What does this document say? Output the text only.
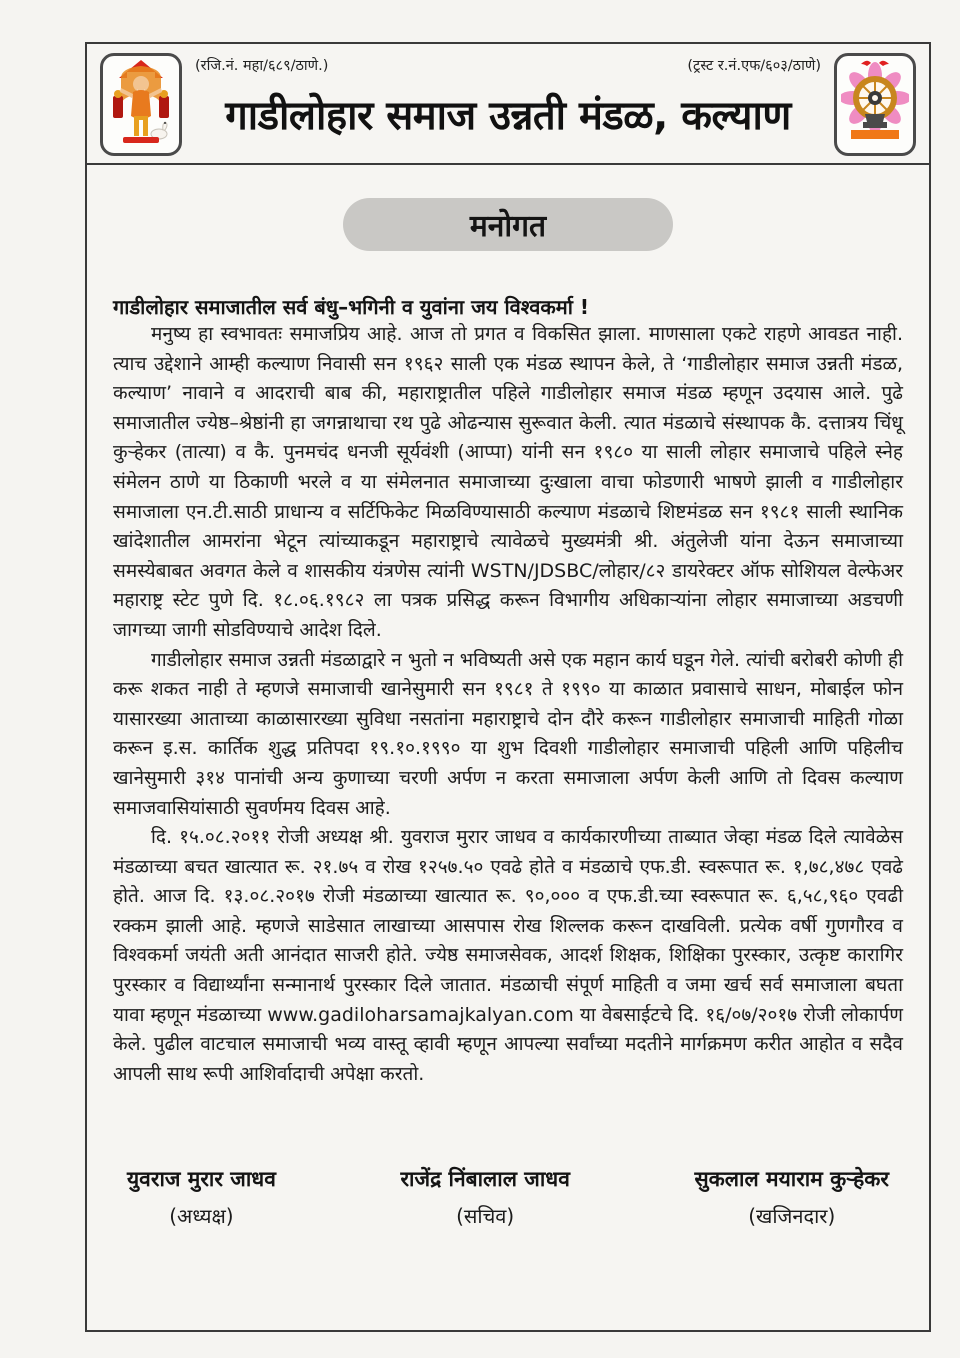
(रजि.नं. महा/६८९/ठाणे.)	(ट्रस्ट र.नं.एफ/६०३/ठाणे)
गाडीलोहार समाज उन्नती मंडळ, कल्याण
मनोगत
गाडीलोहार समाजातील सर्व बंधु–भगिनी व युवांना जय विश्वकर्मा !

मनुष्य हा स्वभावतः समाजप्रिय आहे. आज तो प्रगत व विकसित झाला. माणसाला एकटे राहणे आवडत नाही. त्याच उद्देशाने आम्ही कल्याण निवासी सन १९६२ साली एक मंडळ स्थापन केले, ते ‘गाडीलोहार समाज उन्नती मंडळ, कल्याण’ नावाने व आदराची बाब की, महाराष्ट्रातील पहिले गाडीलोहार समाज मंडळ म्हणून उदयास आले. पुढे समाजातील ज्येष्ठ–श्रेष्ठांनी हा जगन्नाथाचा रथ पुढे ओढन्यास सुरूवात केली. त्यात मंडळाचे संस्थापक कै. दत्तात्रय चिंधू कुऱ्हेकर (तात्या) व कै. पुनमचंद धनजी सूर्यवंशी (आप्पा) यांनी सन १९८० या साली लोहार समाजाचे पहिले स्नेह संमेलन ठाणे या ठिकाणी भरले व या संमेलनात समाजाच्या दुःखाला वाचा फोडणारी भाषणे झाली व गाडीलोहार समाजाला एन.टी.साठी प्राधान्य व सर्टिफिकेट मिळविण्यासाठी कल्याण मंडळाचे शिष्टमंडळ सन १९८१ साली स्थानिक खांदेशातील आमरांना भेटून त्यांच्याकडून महाराष्ट्राचे त्यावेळचे मुख्यमंत्री श्री. अंतुलेजी यांना देऊन समाजाच्या समस्येबाबत अवगत केले व शासकीय यंत्रणेस त्यांनी WSTN/JDSBC/लोहार/८२ डायरेक्टर ऑफ सोशियल वेल्फेअर महाराष्ट्र स्टेट पुणे दि. १८.०६.१९८२ ला पत्रक प्रसिद्ध करून विभागीय अधिकाऱ्यांना लोहार समाजाच्या अडचणी जागच्या जागी सोडविण्याचे आदेश दिले.

गाडीलोहार समाज उन्नती मंडळाद्वारे न भुतो न भविष्यती असे एक महान कार्य घडून गेले. त्यांची बरोबरी कोणी ही करू शकत नाही ते म्हणजे समाजाची खानेसुमारी सन १९८१ ते १९९० या काळात प्रवासाचे साधन, मोबाईल फोन यासारख्या आताच्या काळासारख्या सुविधा नसतांना महाराष्ट्राचे दोन दौरे करून गाडीलोहार समाजाची माहिती गोळा करून इ.स. कार्तिक शुद्ध प्रतिपदा १९.१०.१९९० या शुभ दिवशी गाडीलोहार समाजाची पहिली आणि पहिलीच खानेसुमारी ३१४ पानांची अन्य कुणाच्या चरणी अर्पण न करता समाजाला अर्पण केली आणि तो दिवस कल्याण समाजवासियांसाठी सुवर्णमय दिवस आहे.

दि. १५.०८.२०११ रोजी अध्यक्ष श्री. युवराज मुरार जाधव व कार्यकारणीच्या ताब्यात जेव्हा मंडळ दिले त्यावेळेस मंडळाच्या बचत खात्यात रू. २१.७५ व रोख १२५७.५० एवढे होते व मंडळाचे एफ.डी. स्वरूपात रू. १,७८,४७८ एवढे होते. आज दि. १३.०८.२०१७ रोजी मंडळाच्या खात्यात रू. ९०,००० व एफ.डी.च्या स्वरूपात रू. ६,५८,९६० एवढी रक्कम झाली आहे. म्हणजे साडेसात लाखाच्या आसपास रोख शिल्लक करून दाखविली. प्रत्येक वर्षी गुणगौरव व विश्वकर्मा जयंती अती आनंदात साजरी होते. ज्येष्ठ समाजसेवक, आदर्श शिक्षक, शिक्षिका पुरस्कार, उत्कृष्ट कारागिर पुरस्कार व विद्यार्थ्यांना सन्मानार्थ पुरस्कार दिले जातात. मंडळाची संपूर्ण माहिती व जमा खर्च सर्व समाजाला बघता यावा म्हणून मंडळाच्या www.gadiloharsamajkalyan.com या वेबसाईटचे दि. १६/०७/२०१७ रोजी लोकार्पण केले. पुढील वाटचाल समाजाची भव्य वास्तू व्हावी म्हणून आपल्या सर्वांच्या मदतीने मार्गक्रमण करीत आहोत व सदैव आपली साथ रूपी आशिर्वादाची अपेक्षा करतो.

युवराज मुरार जाधव
(अध्यक्ष)
राजेंद्र निंबालाल जाधव
(सचिव)
सुकलाल मयाराम कुऱ्हेकर
(खजिनदार)
